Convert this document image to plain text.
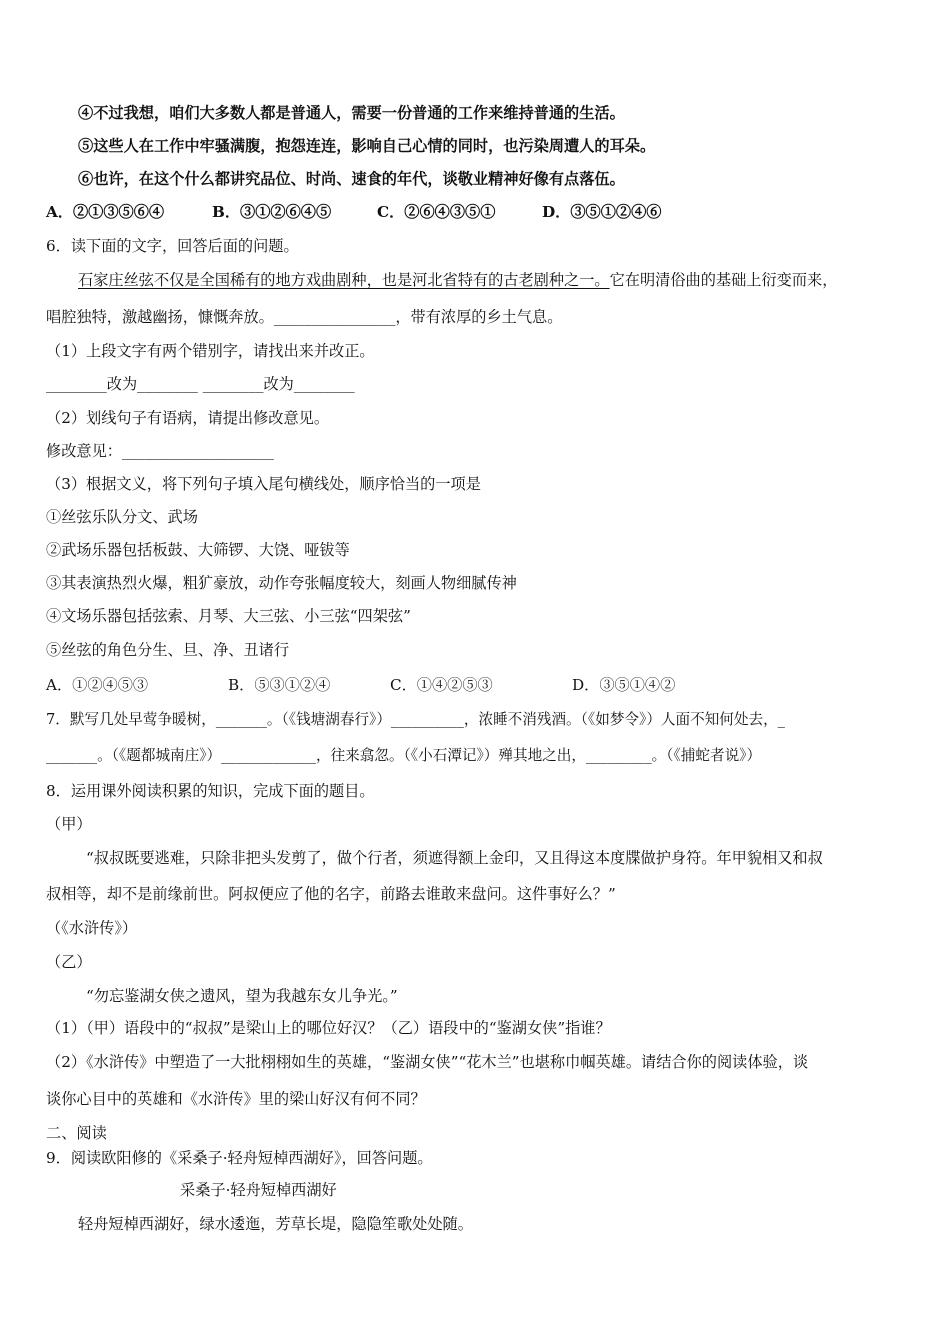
④不过我想，咱们大多数人都是普通人，需要一份普通的工作来维持普通的生活。
⑤这些人在工作中牢骚满腹，抱怨连连，影响自己心情的同时，也污染周遭人的耳朵。
⑥也许，在这个什么都讲究品位、时尚、速食的年代，谈敬业精神好像有点落伍。
A．②①③⑤⑥④	B．③①②⑥④⑤	C．②⑥④③⑤①	D．③⑤①②④⑥
6．读下面的文字，回答后面的问题。
石家庄丝弦不仅是全国稀有的地方戏曲剧种，也是河北省特有的古老剧种之一。它在明清俗曲的基础上衍变而来，
唱腔独特，激越幽扬，慷慨奔放。________________，带有浓厚的乡土气息。
（1）上段文字有两个错别字，请找出来并改正。
________改为________ ________改为________
（2）划线句子有语病，请提出修改意见。
修改意见：____________________
（3）根据文义，将下列句子填入尾句横线处，顺序恰当的一项是
①丝弦乐队分文、武场
②武场乐器包括板鼓、大筛锣、大饶、哑钹等
③其表演热烈火爆，粗犷豪放，动作夸张幅度较大，刻画人物细腻传神
④文场乐器包括弦索、月琴、大三弦、小三弦“四架弦”
⑤丝弦的角色分生、旦、净、丑诸行
A．①②④⑤③	B．⑤③①②④	C．①④②⑤③	D．③⑤①④②
7．默写几处早莺争暖树，_______。（《钱塘湖春行》）__________，浓睡不消残酒。（《如梦令》）人面不知何处去，_
_______。（《题都城南庄》）_____________，往来翕忽。（《小石潭记》）殚其地之出，_________。（《捕蛇者说》）
8．运用课外阅读积累的知识，完成下面的题目。
（甲）
“叔叔既要逃难，只除非把头发剪了，做个行者，须遮得额上金印，又且得这本度牒做护身符。年甲貌相又和叔
叔相等，却不是前缘前世。阿叔便应了他的名字，前路去谁敢来盘问。这件事好么？”
（《水浒传》）
（乙）
“勿忘鉴湖女侠之遗风，望为我越东女儿争光。”
（1）（甲）语段中的“叔叔”是梁山上的哪位好汉？（乙）语段中的“鉴湖女侠”指谁？
（2）《水浒传》中塑造了一大批栩栩如生的英雄，“鉴湖女侠”“花木兰”也堪称巾帼英雄。请结合你的阅读体验，谈
谈你心目中的英雄和《水浒传》里的梁山好汉有何不同？
二、阅读
9．阅读欧阳修的《采桑子·轻舟短棹西湖好》，回答问题。
采桑子·轻舟短棹西湖好
轻舟短棹西湖好，绿水逶迤，芳草长堤，隐隐笙歌处处随。
